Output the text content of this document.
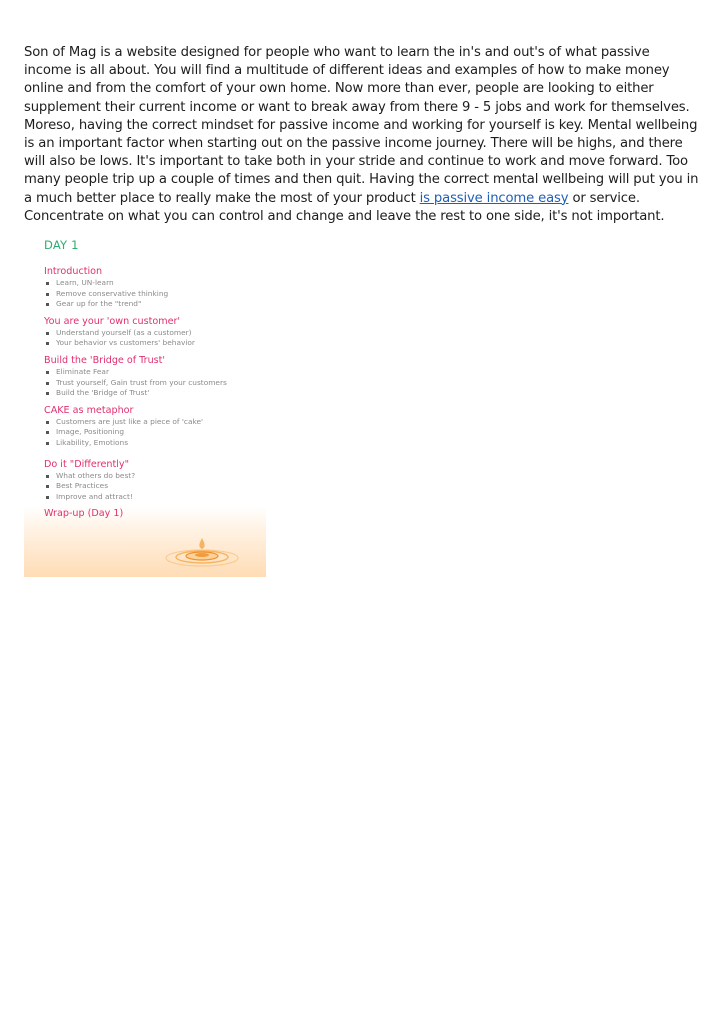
Son of Mag is a website designed for people who want to learn the in's and out's of what passive income is all about. You will find a multitude of different ideas and examples of how to make money online and from the comfort of your own home. Now more than ever, people are looking to either supplement their current income or want to break away from there 9 - 5 jobs and work for themselves. Moreso, having the correct mindset for passive income and working for yourself is key. Mental wellbeing is an important factor when starting out on the passive income journey. There will be highs, and there will also be lows. It's important to take both in your stride and continue to work and move forward. Too many people trip up a couple of times and then quit. Having the correct mental wellbeing will put you in a much better place to really make the most of your product is passive income easy or service. Concentrate on what you can control and change and leave the rest to one side, it's not important.

DAY 1
Introduction
Learn, UN-learn
Remove conservative thinking
Gear up for the "trend"
You are your 'own customer'
Understand yourself (as a customer)
Your behavior vs customers' behavior
Build the 'Bridge of Trust'
Eliminate Fear
Trust yourself, Gain trust from your customers
Build the 'Bridge of Trust'
CAKE as metaphor
Customers are just like a piece of 'cake'
Image, Positioning
Likability, Emotions
Do it "Differently"
What others do best?
Best Practices
Improve and attract!
Wrap-up (Day 1)
